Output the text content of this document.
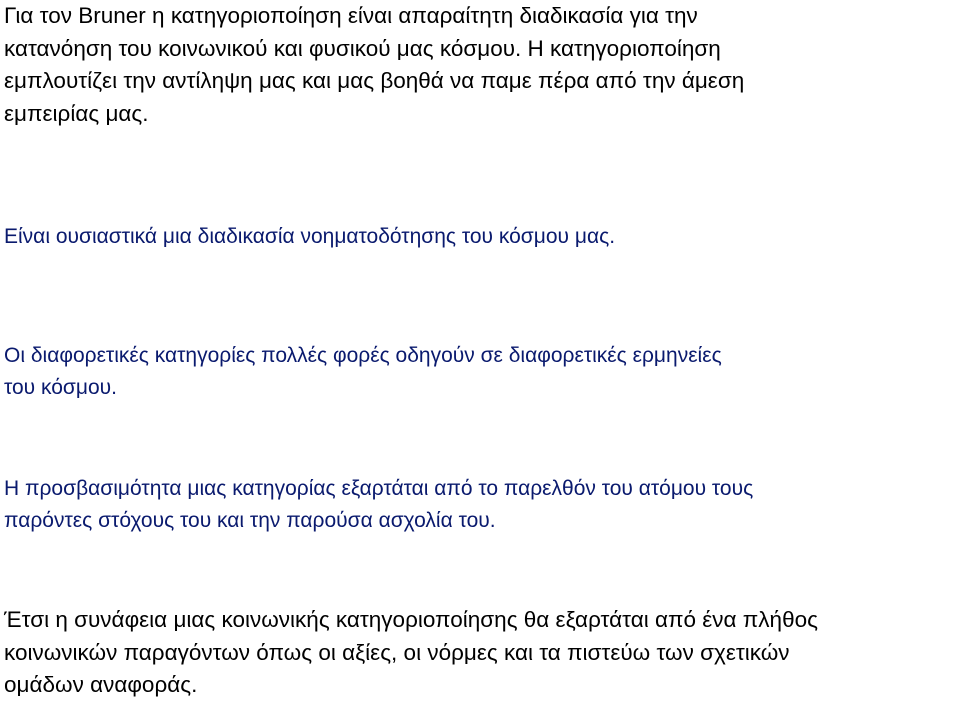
Για τον Bruner η κατηγοριοποίηση είναι απαραίτητη διαδικασία για την
κατανόηση του κοινωνικού και φυσικού μας κόσμου. Η κατηγοριοποίηση
εμπλουτίζει την αντίληψη μας και μας βοηθά να παμε πέρα από την άμεση
εμπειρίας μας.

Είναι ουσιαστικά μια διαδικασία νοηματοδότησης του κόσμου μας.

Οι διαφορετικές κατηγορίες πολλές φορές οδηγούν σε διαφορετικές ερμηνείες
του κόσμου.

Η προσβασιμότητα μιας κατηγορίας εξαρτάται από το παρελθόν του ατόμου τους
παρόντες στόχους του και την παρούσα ασχολία του.

Έτσι η συνάφεια μιας κοινωνικής κατηγοριοποίησης θα εξαρτάται από ένα πλήθος
κοινωνικών παραγόντων όπως οι αξίες, οι νόρμες και τα πιστεύω των σχετικών
ομάδων αναφοράς.
